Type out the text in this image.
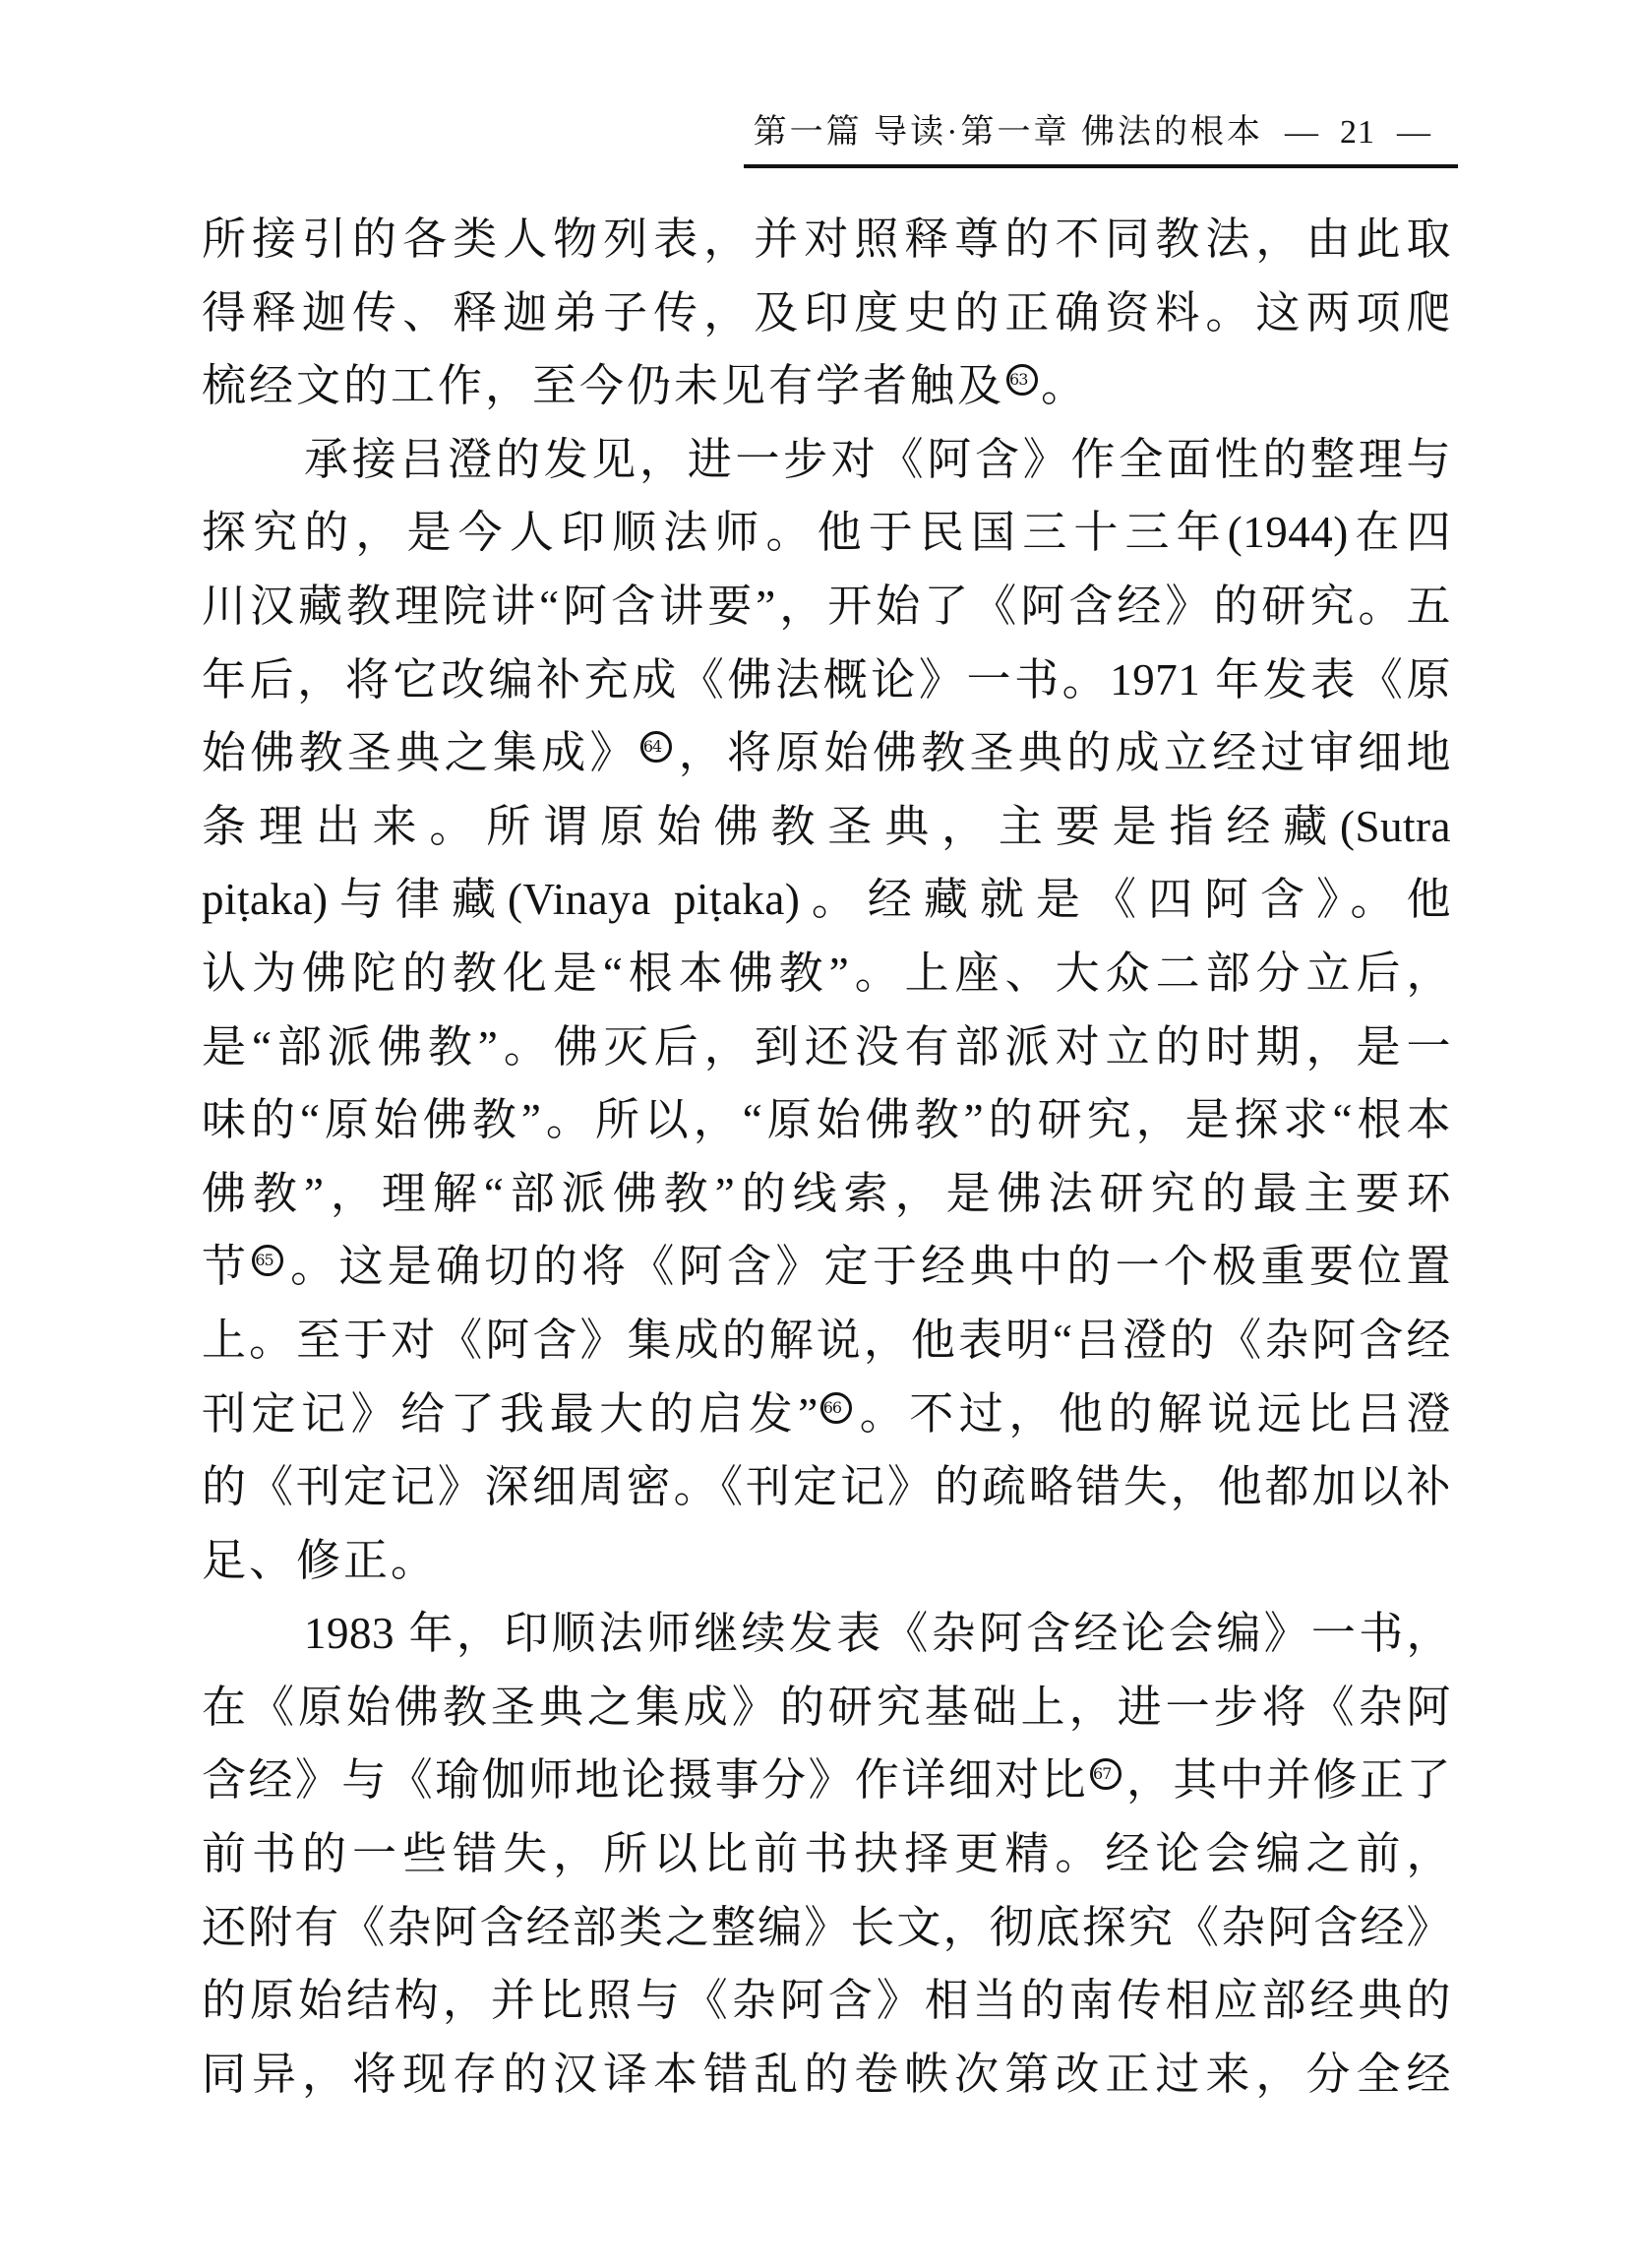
第一篇 导读·第一章 佛法的根本 — 21 —
所接引的各类人物列表，并对照释尊的不同教法，由此取
得释迦传、释迦弟子传，及印度史的正确资料。这两项爬
梳经文的工作，至今仍未见有学者触及 63 。
承接吕澄的发见，进一步对《阿含》作全面性的整理与
探究的，是今人印顺法师。他于民国三十三年(1944)在四
川汉藏教理院讲“阿含讲要”，开始了《阿含经》的研究。五
年后，将它改编补充成《佛法概论》一书。1971 年发表《原
始佛教圣典之集成》 64 ，将原始佛教圣典的成立经过审细地
条理出来。所谓原始佛教圣典，主要是指经藏(Sutra
piṭaka)与律藏(Vinaya piṭaka)。经藏就是《四阿含》。他
认为佛陀的教化是“根本佛教”。上座、大众二部分立后，
是“部派佛教”。佛灭后，到还没有部派对立的时期，是一
味的“原始佛教”。所以，“原始佛教”的研究，是探求“根本
佛教”，理解“部派佛教”的线索，是佛法研究的最主要环
节 65 。这是确切的将《阿含》定于经典中的一个极重要位置
上。至于对《阿含》集成的解说，他表明“吕澄的《杂阿含经
刊定记》给了我最大的启发” 66 。不过，他的解说远比吕澄
的《刊定记》深细周密。《刊定记》的疏略错失，他都加以补
足、修正。
1983 年，印顺法师继续发表《杂阿含经论会编》一书，
在《原始佛教圣典之集成》的研究基础上，进一步将《杂阿
含经》与《瑜伽师地论摄事分》作详细对比 67 ，其中并修正了
前书的一些错失，所以比前书抉择更精。经论会编之前，
还附有《杂阿含经部类之整编》长文，彻底探究《杂阿含经》
的原始结构，并比照与《杂阿含》相当的南传相应部经典的
同异，将现存的汉译本错乱的卷帙次第改正过来，分全经
